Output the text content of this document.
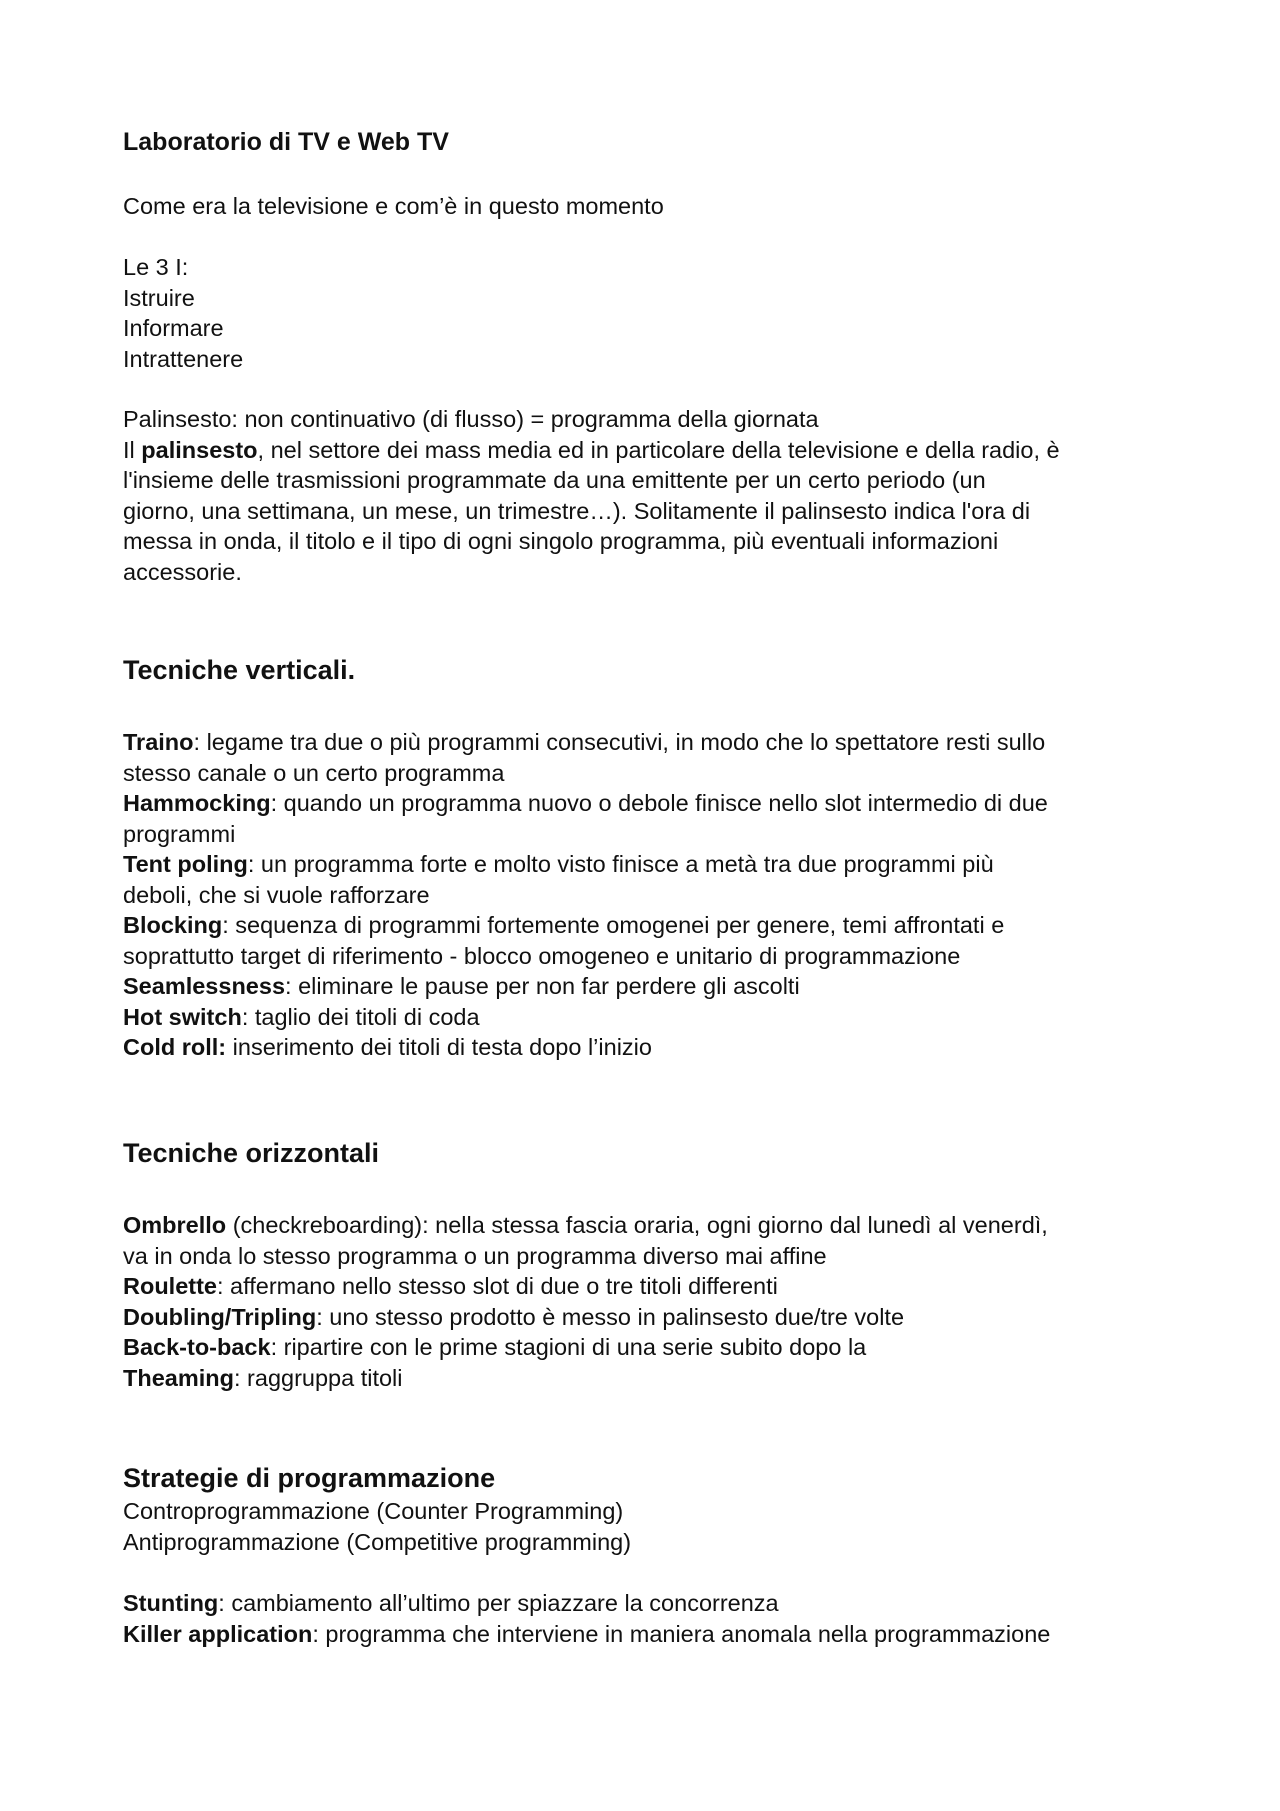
Laboratorio di TV e Web TV

Come era la televisione e com’è in questo momento

Le 3 I:
Istruire
Informare
Intrattenere
Palinsesto: non continuativo (di flusso) = programma della giornata
Il palinsesto, nel settore dei mass media ed in particolare della televisione e della radio, è
l'insieme delle trasmissioni programmate da una emittente per un certo periodo (un
giorno, una settimana, un mese, un trimestre…). Solitamente il palinsesto indica l'ora di
messa in onda, il titolo e il tipo di ogni singolo programma, più eventuali informazioni
accessorie.
Tecniche verticali.
Traino: legame tra due o più programmi consecutivi, in modo che lo spettatore resti sullo
stesso canale o un certo programma
Hammocking: quando un programma nuovo o debole finisce nello slot intermedio di due
programmi
Tent poling: un programma forte e molto visto finisce a metà tra due programmi più
deboli, che si vuole rafforzare
Blocking: sequenza di programmi fortemente omogenei per genere, temi affrontati e
soprattutto target di riferimento - blocco omogeneo e unitario di programmazione
Seamlessness: eliminare le pause per non far perdere gli ascolti
Hot switch: taglio dei titoli di coda
Cold roll: inserimento dei titoli di testa dopo l’inizio
Tecniche orizzontali
Ombrello (checkreboarding): nella stessa fascia oraria, ogni giorno dal lunedì al venerdì,
va in onda lo stesso programma o un programma diverso mai affine
Roulette: affermano nello stesso slot di due o tre titoli differenti
Doubling/Tripling: uno stesso prodotto è messo in palinsesto due/tre volte
Back-to-back: ripartire con le prime stagioni di una serie subito dopo la
Theaming: raggruppa titoli
Strategie di programmazione
Controprogrammazione (Counter Programming)
Antiprogrammazione (Competitive programming)
Stunting: cambiamento all’ultimo per spiazzare la concorrenza
Killer application: programma che interviene in maniera anomala nella programmazione
